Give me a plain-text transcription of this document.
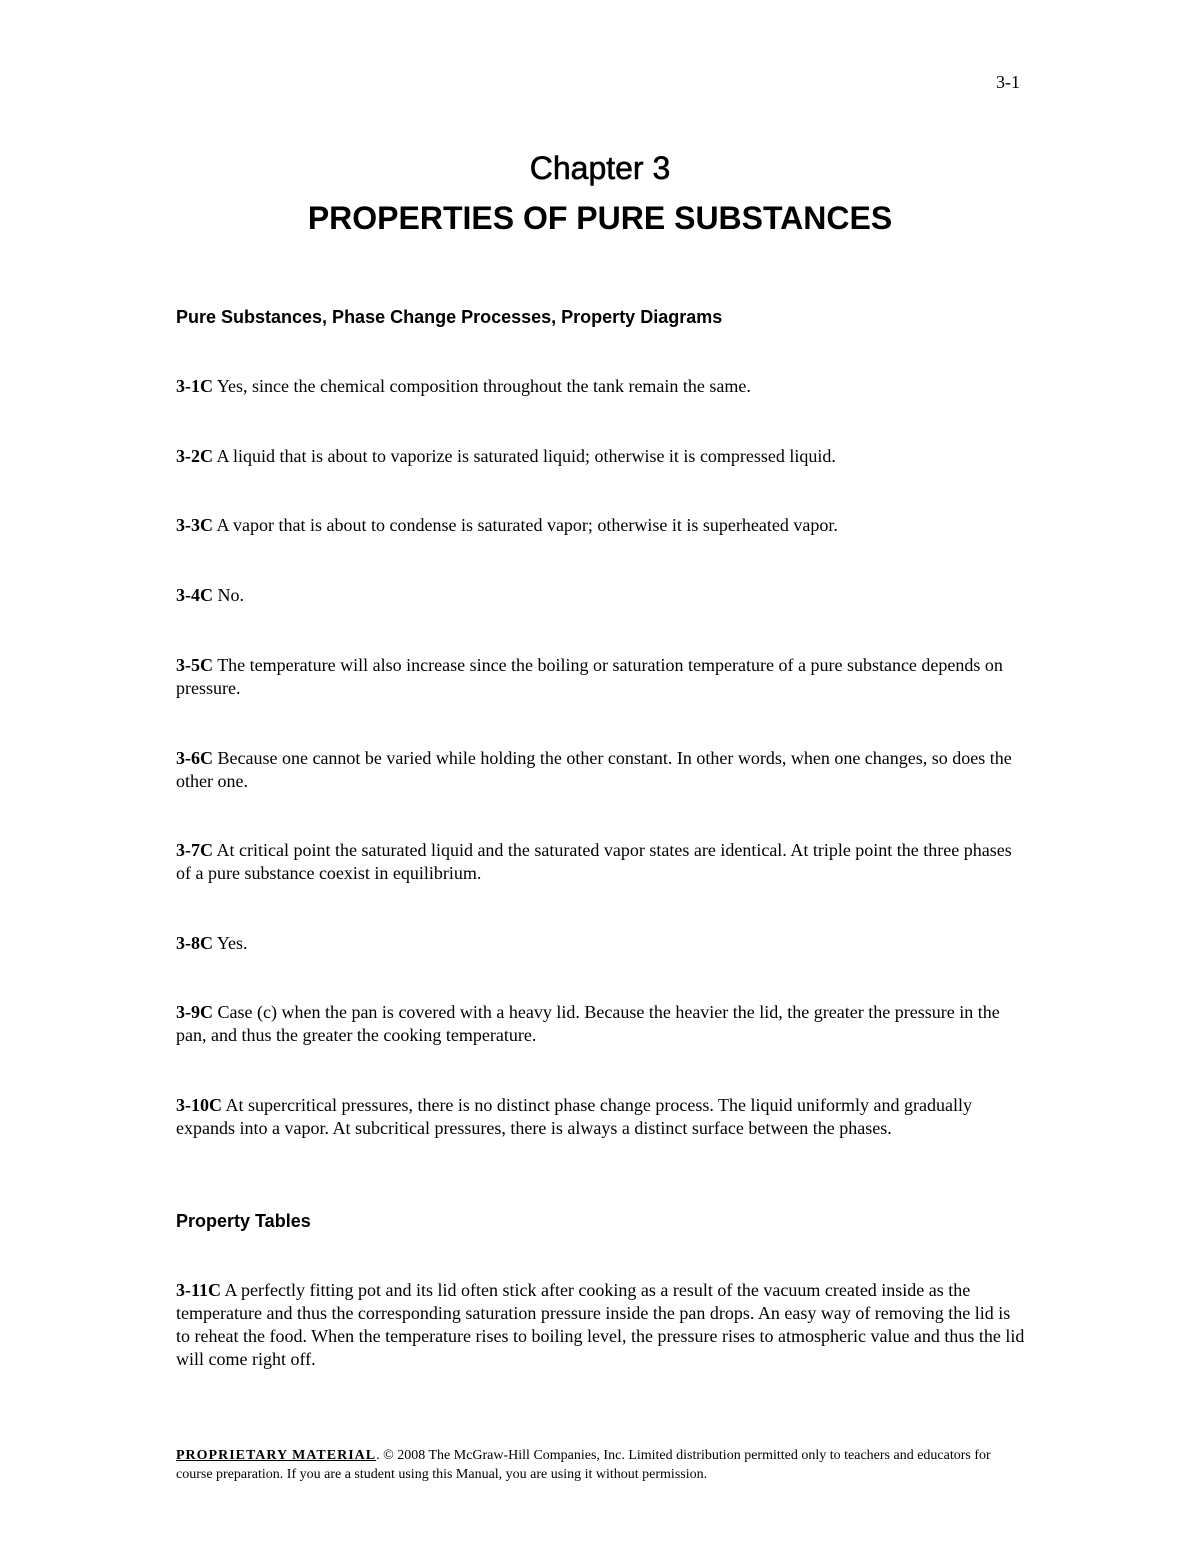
3-1
Chapter 3
PROPERTIES OF PURE SUBSTANCES
Pure Substances, Phase Change Processes, Property Diagrams

3-1C Yes, since the chemical composition throughout the tank remain the same.

3-2C A liquid that is about to vaporize is saturated liquid; otherwise it is compressed liquid.

3-3C A vapor that is about to condense is saturated vapor; otherwise it is superheated vapor.

3-4C No.

3-5C The temperature will also increase since the boiling or saturation temperature of a pure substance depends on pressure.

3-6C Because one cannot be varied while holding the other constant. In other words, when one changes, so does the other one.

3-7C At critical point the saturated liquid and the saturated vapor states are identical. At triple point the three phases of a pure substance coexist in equilibrium.

3-8C Yes.

3-9C Case (c) when the pan is covered with a heavy lid. Because the heavier the lid, the greater the pressure in the pan, and thus the greater the cooking temperature.

3-10C At supercritical pressures, there is no distinct phase change process. The liquid uniformly and gradually expands into a vapor. At subcritical pressures, there is always a distinct surface between the phases.

Property Tables

3-11C A perfectly fitting pot and its lid often stick after cooking as a result of the vacuum created inside as the temperature and thus the corresponding saturation pressure inside the pan drops. An easy way of removing the lid is to reheat the food. When the temperature rises to boiling level, the pressure rises to atmospheric value and thus the lid will come right off.

PROPRIETARY MATERIAL. © 2008 The McGraw-Hill Companies, Inc. Limited distribution permitted only to teachers and educators for course preparation. If you are a student using this Manual, you are using it without permission.
